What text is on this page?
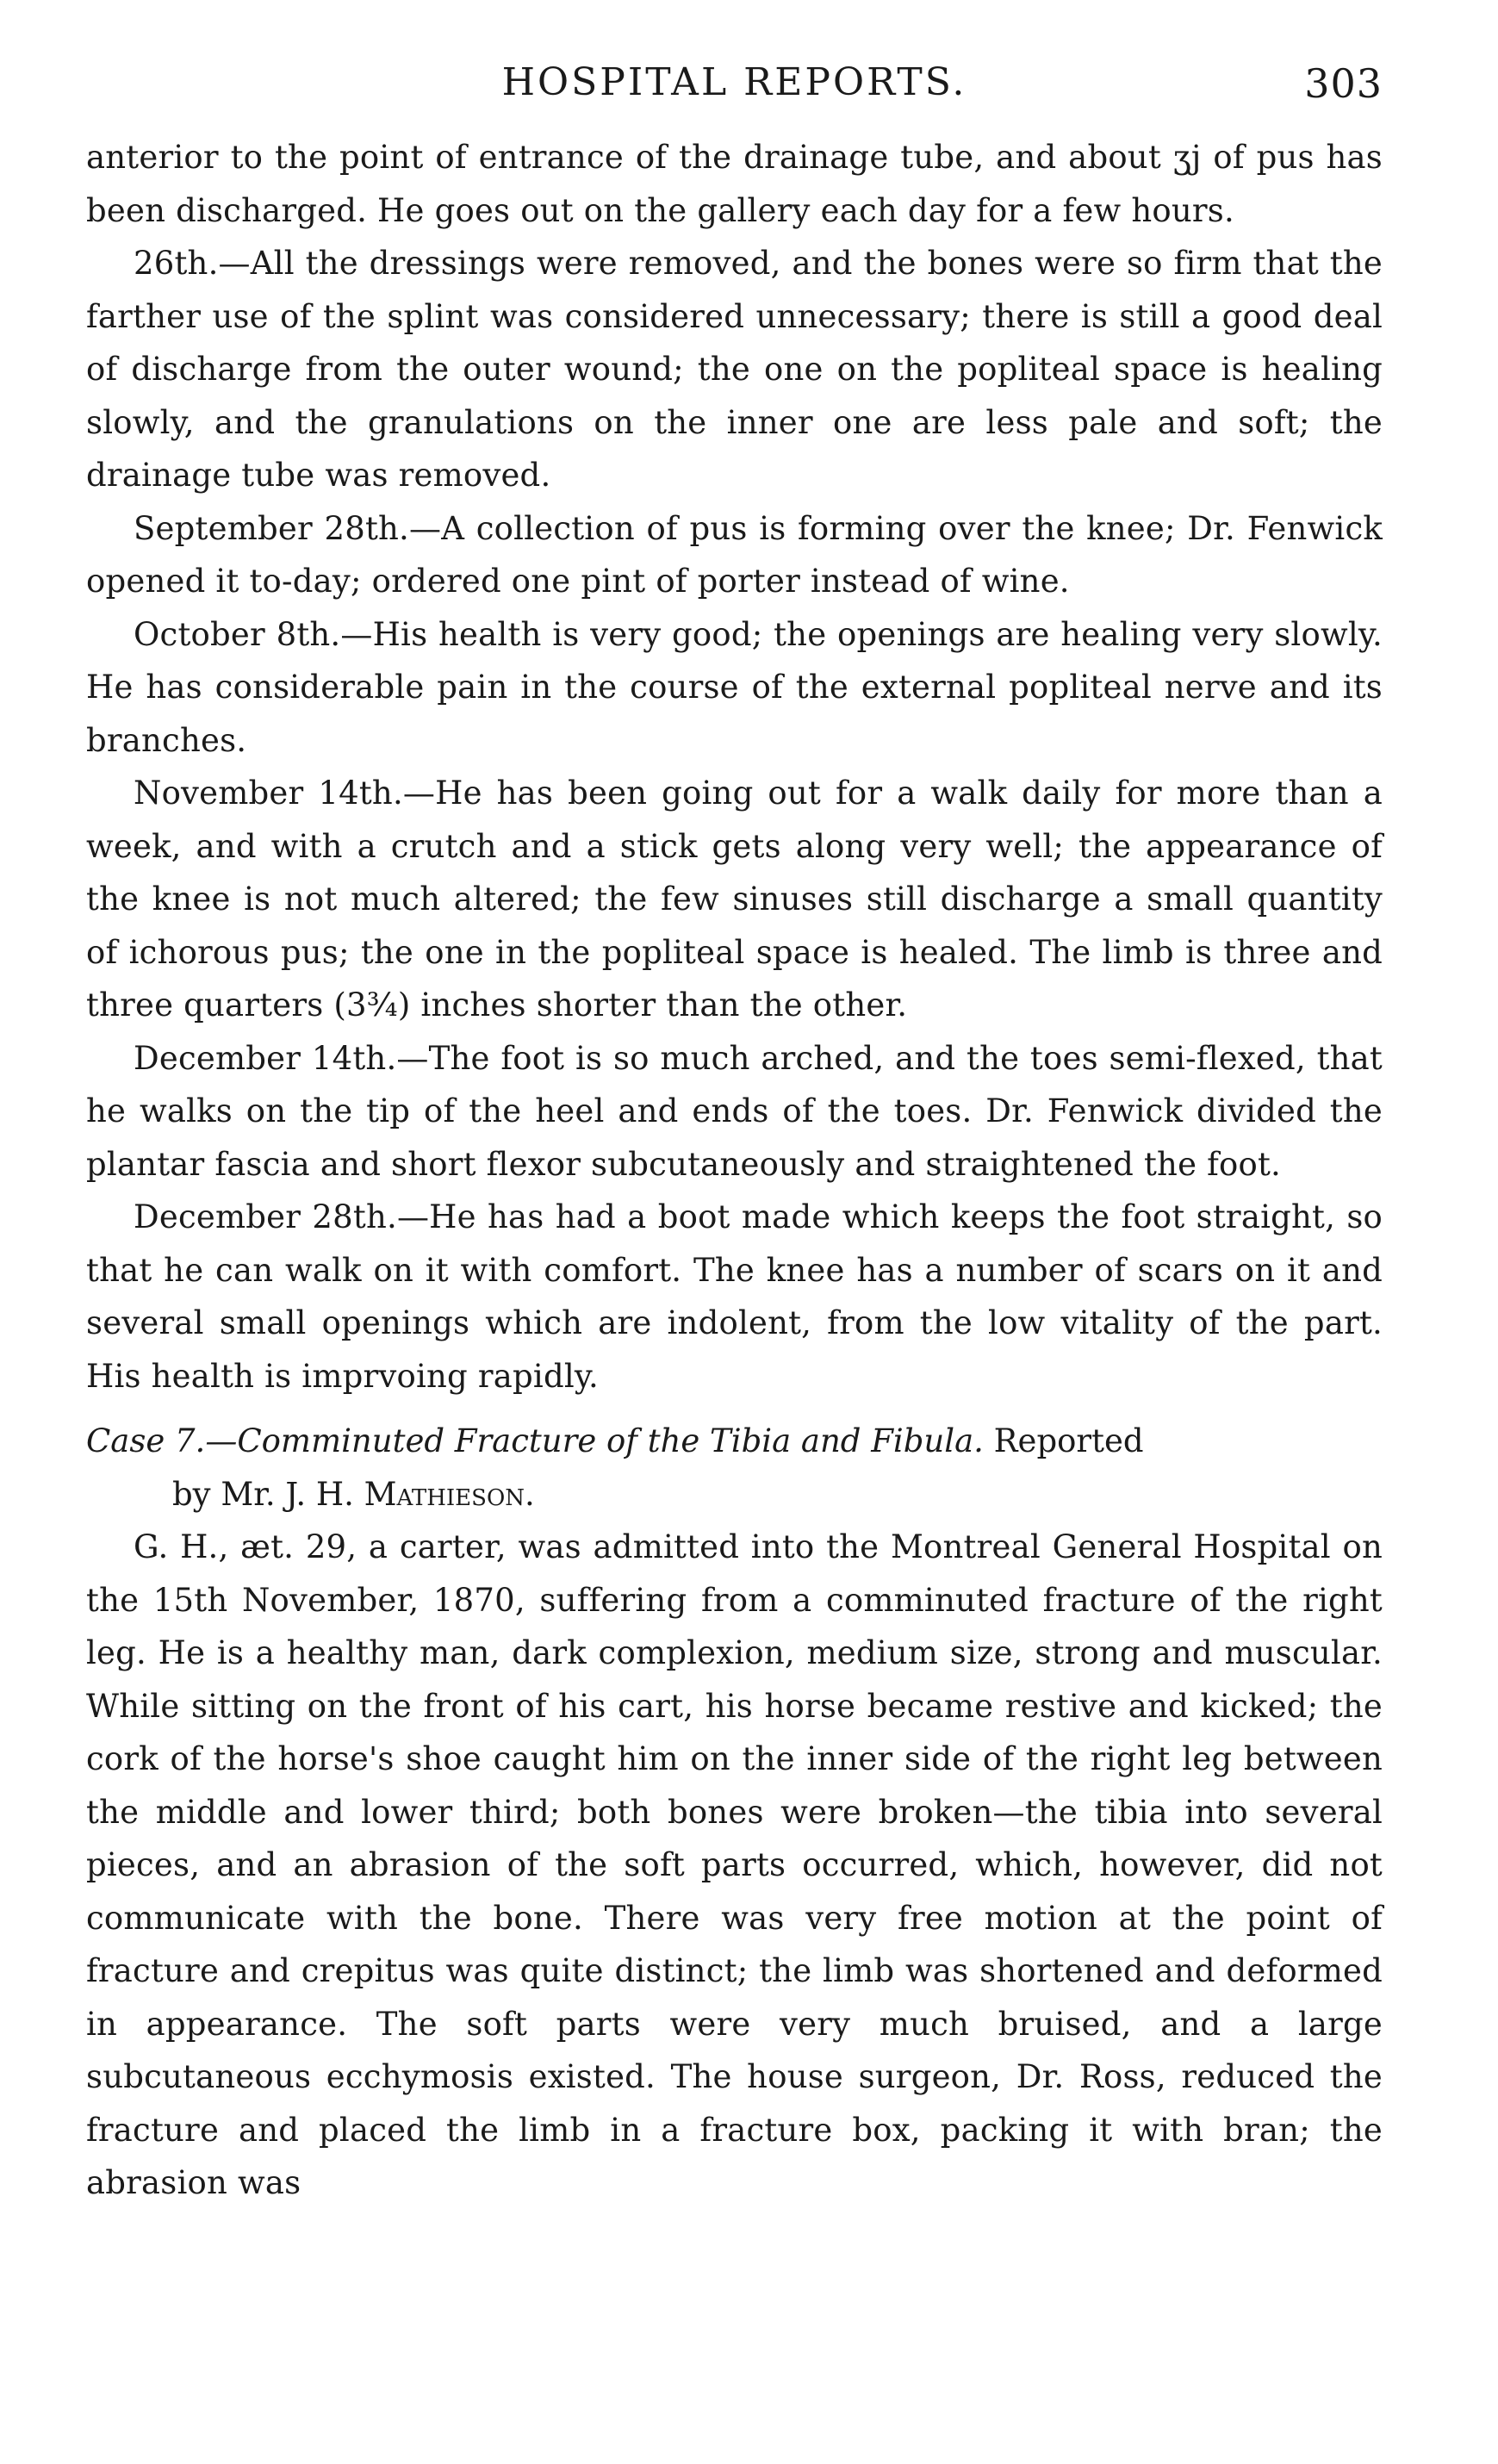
HOSPITAL REPORTS.	303

anterior to the point of entrance of the drainage tube, and about ʒj of pus has been discharged. He goes out on the gallery each day for a few hours.

26th.—All the dressings were removed, and the bones were so firm that the farther use of the splint was considered unnecessary; there is still a good deal of discharge from the outer wound; the one on the popliteal space is healing slowly, and the granulations on the inner one are less pale and soft; the drainage tube was removed.

September 28th.—A collection of pus is forming over the knee; Dr. Fenwick opened it to-day; ordered one pint of porter instead of wine.

October 8th.—His health is very good; the openings are healing very slowly. He has considerable pain in the course of the external popliteal nerve and its branches.

November 14th.—He has been going out for a walk daily for more than a week, and with a crutch and a stick gets along very well; the appearance of the knee is not much altered; the few sinuses still discharge a small quantity of ichorous pus; the one in the popliteal space is healed. The limb is three and three quarters (3¾) inches shorter than the other.

December 14th.—The foot is so much arched, and the toes semi-flexed, that he walks on the tip of the heel and ends of the toes. Dr. Fenwick divided the plantar fascia and short flexor subcutaneously and straightened the foot.

December 28th.—He has had a boot made which keeps the foot straight, so that he can walk on it with comfort. The knee has a number of scars on it and several small openings which are indolent, from the low vitality of the part. His health is imprvoing rapidly.

Case 7.—Comminuted Fracture of the Tibia and Fibula. Reported
by Mr. J. H. Mathieson.

G. H., æt. 29, a carter, was admitted into the Montreal General Hospital on the 15th November, 1870, suffering from a comminuted fracture of the right leg. He is a healthy man, dark complexion, medium size, strong and muscular. While sitting on the front of his cart, his horse became restive and kicked; the cork of the horse's shoe caught him on the inner side of the right leg between the middle and lower third; both bones were broken—the tibia into several pieces, and an abrasion of the soft parts occurred, which, however, did not communicate with the bone. There was very free motion at the point of fracture and crepitus was quite distinct; the limb was shortened and deformed in appearance. The soft parts were very much bruised, and a large subcutaneous ecchymosis existed. The house surgeon, Dr. Ross, reduced the fracture and placed the limb in a fracture box, packing it with bran; the abrasion was
